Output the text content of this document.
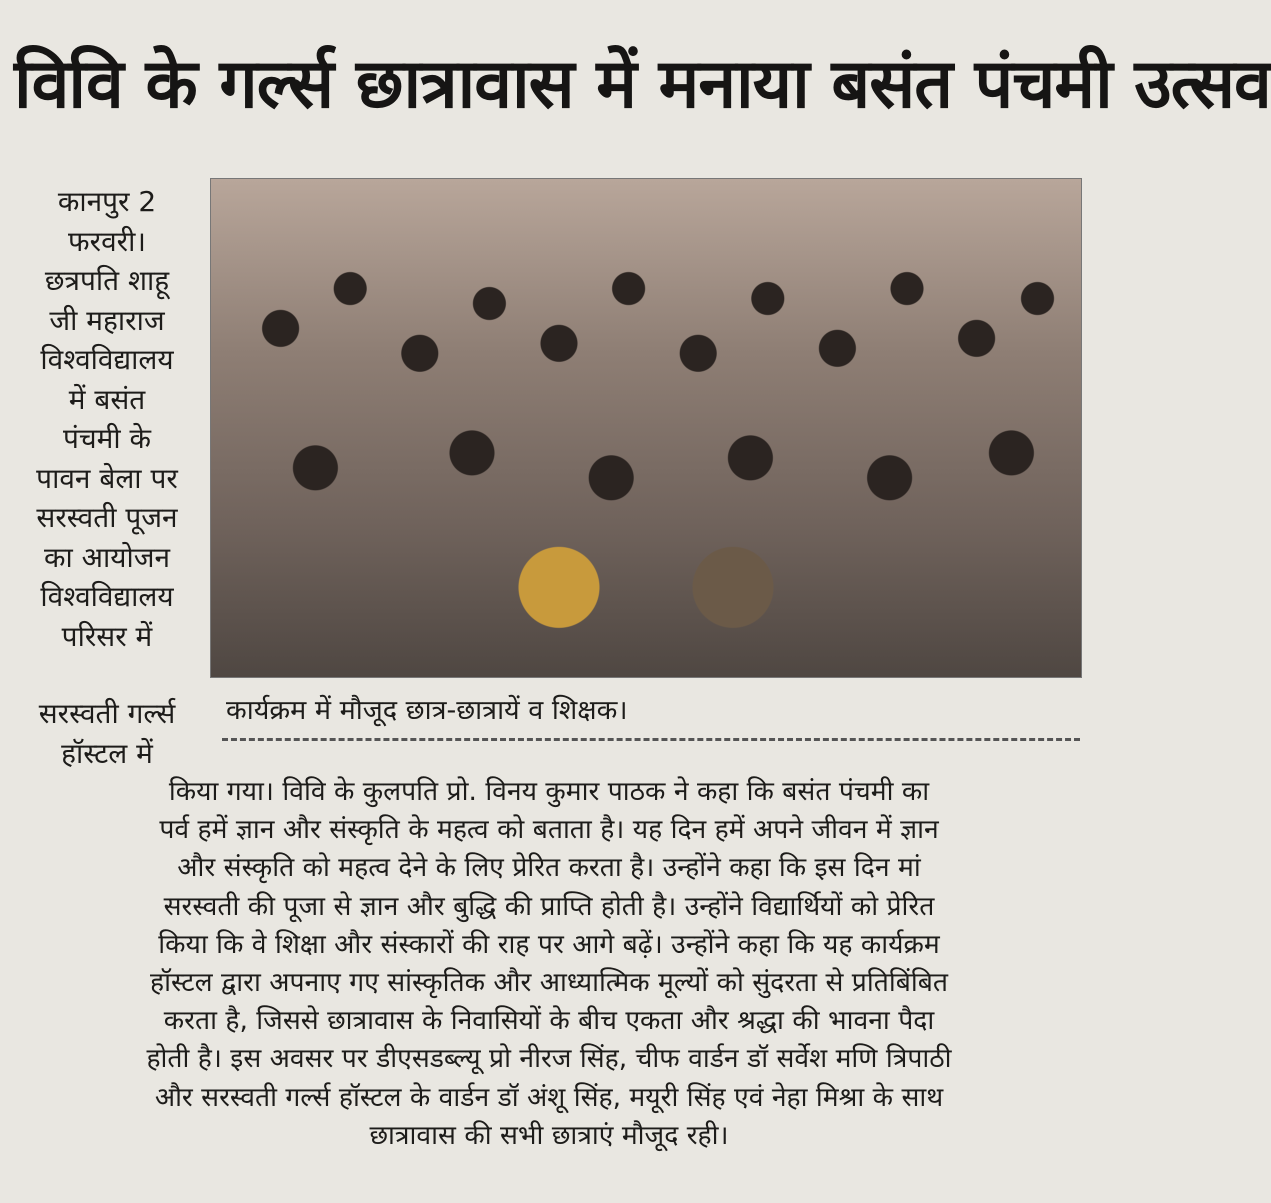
विवि के गर्ल्स छात्रावास में मनाया बसंत पंचमी उत्सव
कानपुर 2
फरवरी।
छत्रपति शाहू
जी महाराज
विश्वविद्यालय
में बसंत
पंचमी के
पावन बेला पर
सरस्वती पूजन
का आयोजन
विश्वविद्यालय
परिसर में
सरस्वती गर्ल्स
हॉस्टल में
कार्यक्रम में मौजूद छात्र-छात्रायें व शिक्षक।
किया गया। विवि के कुलपति प्रो. विनय कुमार पाठक ने कहा कि बसंत पंचमी का
पर्व हमें ज्ञान और संस्कृति के महत्व को बताता है। यह दिन हमें अपने जीवन में ज्ञान
और संस्कृति को महत्व देने के लिए प्रेरित करता है। उन्होंने कहा कि इस दिन मां
सरस्वती की पूजा से ज्ञान और बुद्धि की प्राप्ति होती है। उन्होंने विद्यार्थियों को प्रेरित
किया कि वे शिक्षा और संस्कारों की राह पर आगे बढ़ें। उन्होंने कहा कि यह कार्यक्रम
हॉस्टल द्वारा अपनाए गए सांस्कृतिक और आध्यात्मिक मूल्यों को सुंदरता से प्रतिबिंबित
करता है, जिससे छात्रावास के निवासियों के बीच एकता और श्रद्धा की भावना पैदा
होती है। इस अवसर पर डीएसडब्ल्यू प्रो नीरज सिंह, चीफ वार्डन डॉ सर्वेश मणि त्रिपाठी
और सरस्वती गर्ल्स हॉस्टल के वार्डन डॉ अंशू सिंह, मयूरी सिंह एवं नेहा मिश्रा के साथ
छात्रावास की सभी छात्राएं मौजूद रही।
